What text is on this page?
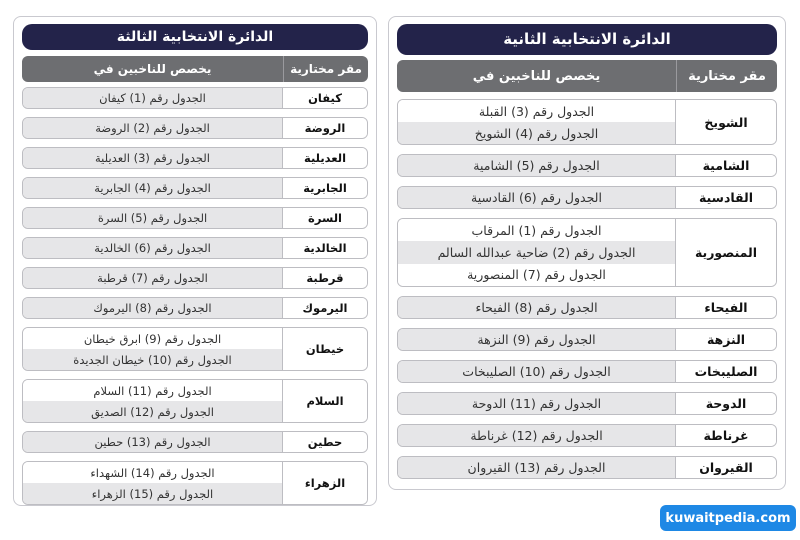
الدائرة الانتخابية الثانية
مقر مختارية
يخصص للناخبين في
الشويخ
الجدول رقم (3) القبلة
الجدول رقم (4) الشويخ
الشامية
الجدول رقم (5) الشامية
القادسية
الجدول رقم (6) القادسية
المنصورية
الجدول رقم (1) المرقاب
الجدول رقم (2) ضاحية عبدالله السالم
الجدول رقم (7) المنصورية
الفيحاء
الجدول رقم (8) الفيحاء
النزهة
الجدول رقم (9) النزهة
الصليبخات
الجدول رقم (10) الصليبخات
الدوحة
الجدول رقم (11) الدوحة
غرناطة
الجدول رقم (12) غرناطة
القيروان
الجدول رقم (13) القيروان
الدائرة الانتخابية الثالثة
مقر مختارية
يخصص للناخبين في
كيفان
الجدول رقم (1) كيفان
الروضة
الجدول رقم (2) الروضة
العديلية
الجدول رقم (3) العديلية
الجابرية
الجدول رقم (4) الجابرية
السرة
الجدول رقم (5) السرة
الخالدية
الجدول رقم (6) الخالدية
قرطبة
الجدول رقم (7) قرطبة
اليرموك
الجدول رقم (8) اليرموك
خيطان
الجدول رقم (9) ابرق خيطان
الجدول رقم (10) خيطان الجديدة
السلام
الجدول رقم (11) السلام
الجدول رقم (12) الصديق
حطين
الجدول رقم (13) حطين
الزهراء
الجدول رقم (14) الشهداء
الجدول رقم (15) الزهراء
kuwaitpedia.com
